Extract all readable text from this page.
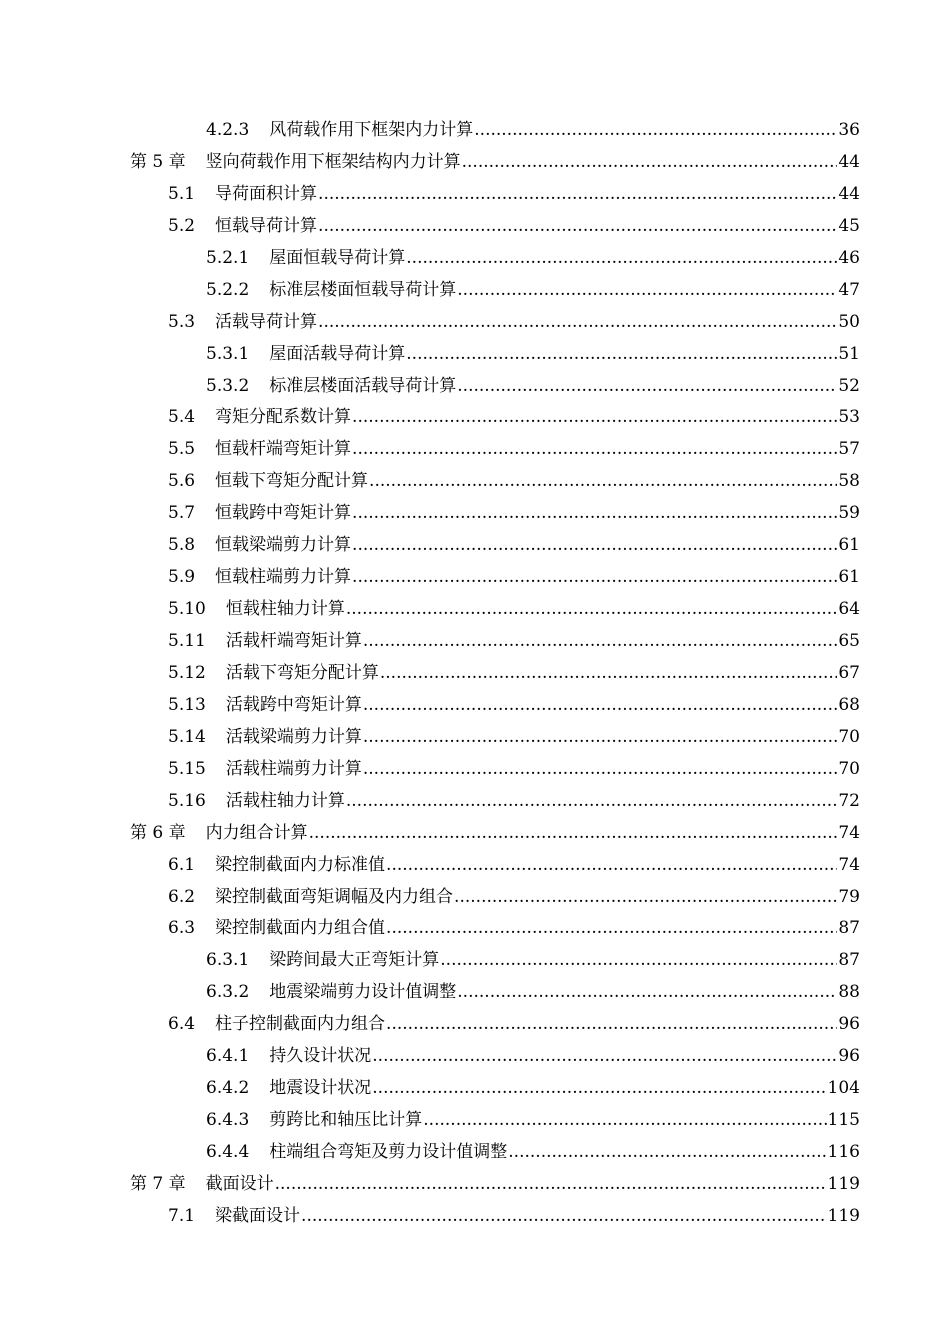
4.2.3 风荷载作用下框架内力计算 .....	36
第 5 章 竖向荷载作用下框架结构内力计算 .....	44
5.1 导荷面积计算 .....	44
5.2 恒载导荷计算 .....	45
5.2.1 屋面恒载导荷计算 .....	46
5.2.2 标准层楼面恒载导荷计算 .....	47
5.3 活载导荷计算 .....	50
5.3.1 屋面活载导荷计算 .....	51
5.3.2 标准层楼面活载导荷计算 .....	52
5.4 弯矩分配系数计算 .....	53
5.5 恒载杆端弯矩计算 .....	57
5.6 恒载下弯矩分配计算 .....	58
5.7 恒载跨中弯矩计算 .....	59
5.8 恒载梁端剪力计算 .....	61
5.9 恒载柱端剪力计算 .....	61
5.10 恒载柱轴力计算 .....	64
5.11 活载杆端弯矩计算 .....	65
5.12 活载下弯矩分配计算 .....	67
5.13 活载跨中弯矩计算 .....	68
5.14 活载梁端剪力计算 .....	70
5.15 活载柱端剪力计算 .....	70
5.16 活载柱轴力计算 .....	72
第 6 章 内力组合计算 .....	74
6.1 梁控制截面内力标准值 .....	74
6.2 梁控制截面弯矩调幅及内力组合 .....	79
6.3 梁控制截面内力组合值 .....	87
6.3.1 梁跨间最大正弯矩计算 .....	87
6.3.2 地震梁端剪力设计值调整 .....	88
6.4 柱子控制截面内力组合 .....	96
6.4.1 持久设计状况 .....	96
6.4.2 地震设计状况 .....	104
6.4.3 剪跨比和轴压比计算 .....	115
6.4.4 柱端组合弯矩及剪力设计值调整 .....	116
第 7 章 截面设计 .....	119
7.1 梁截面设计 .....	119
